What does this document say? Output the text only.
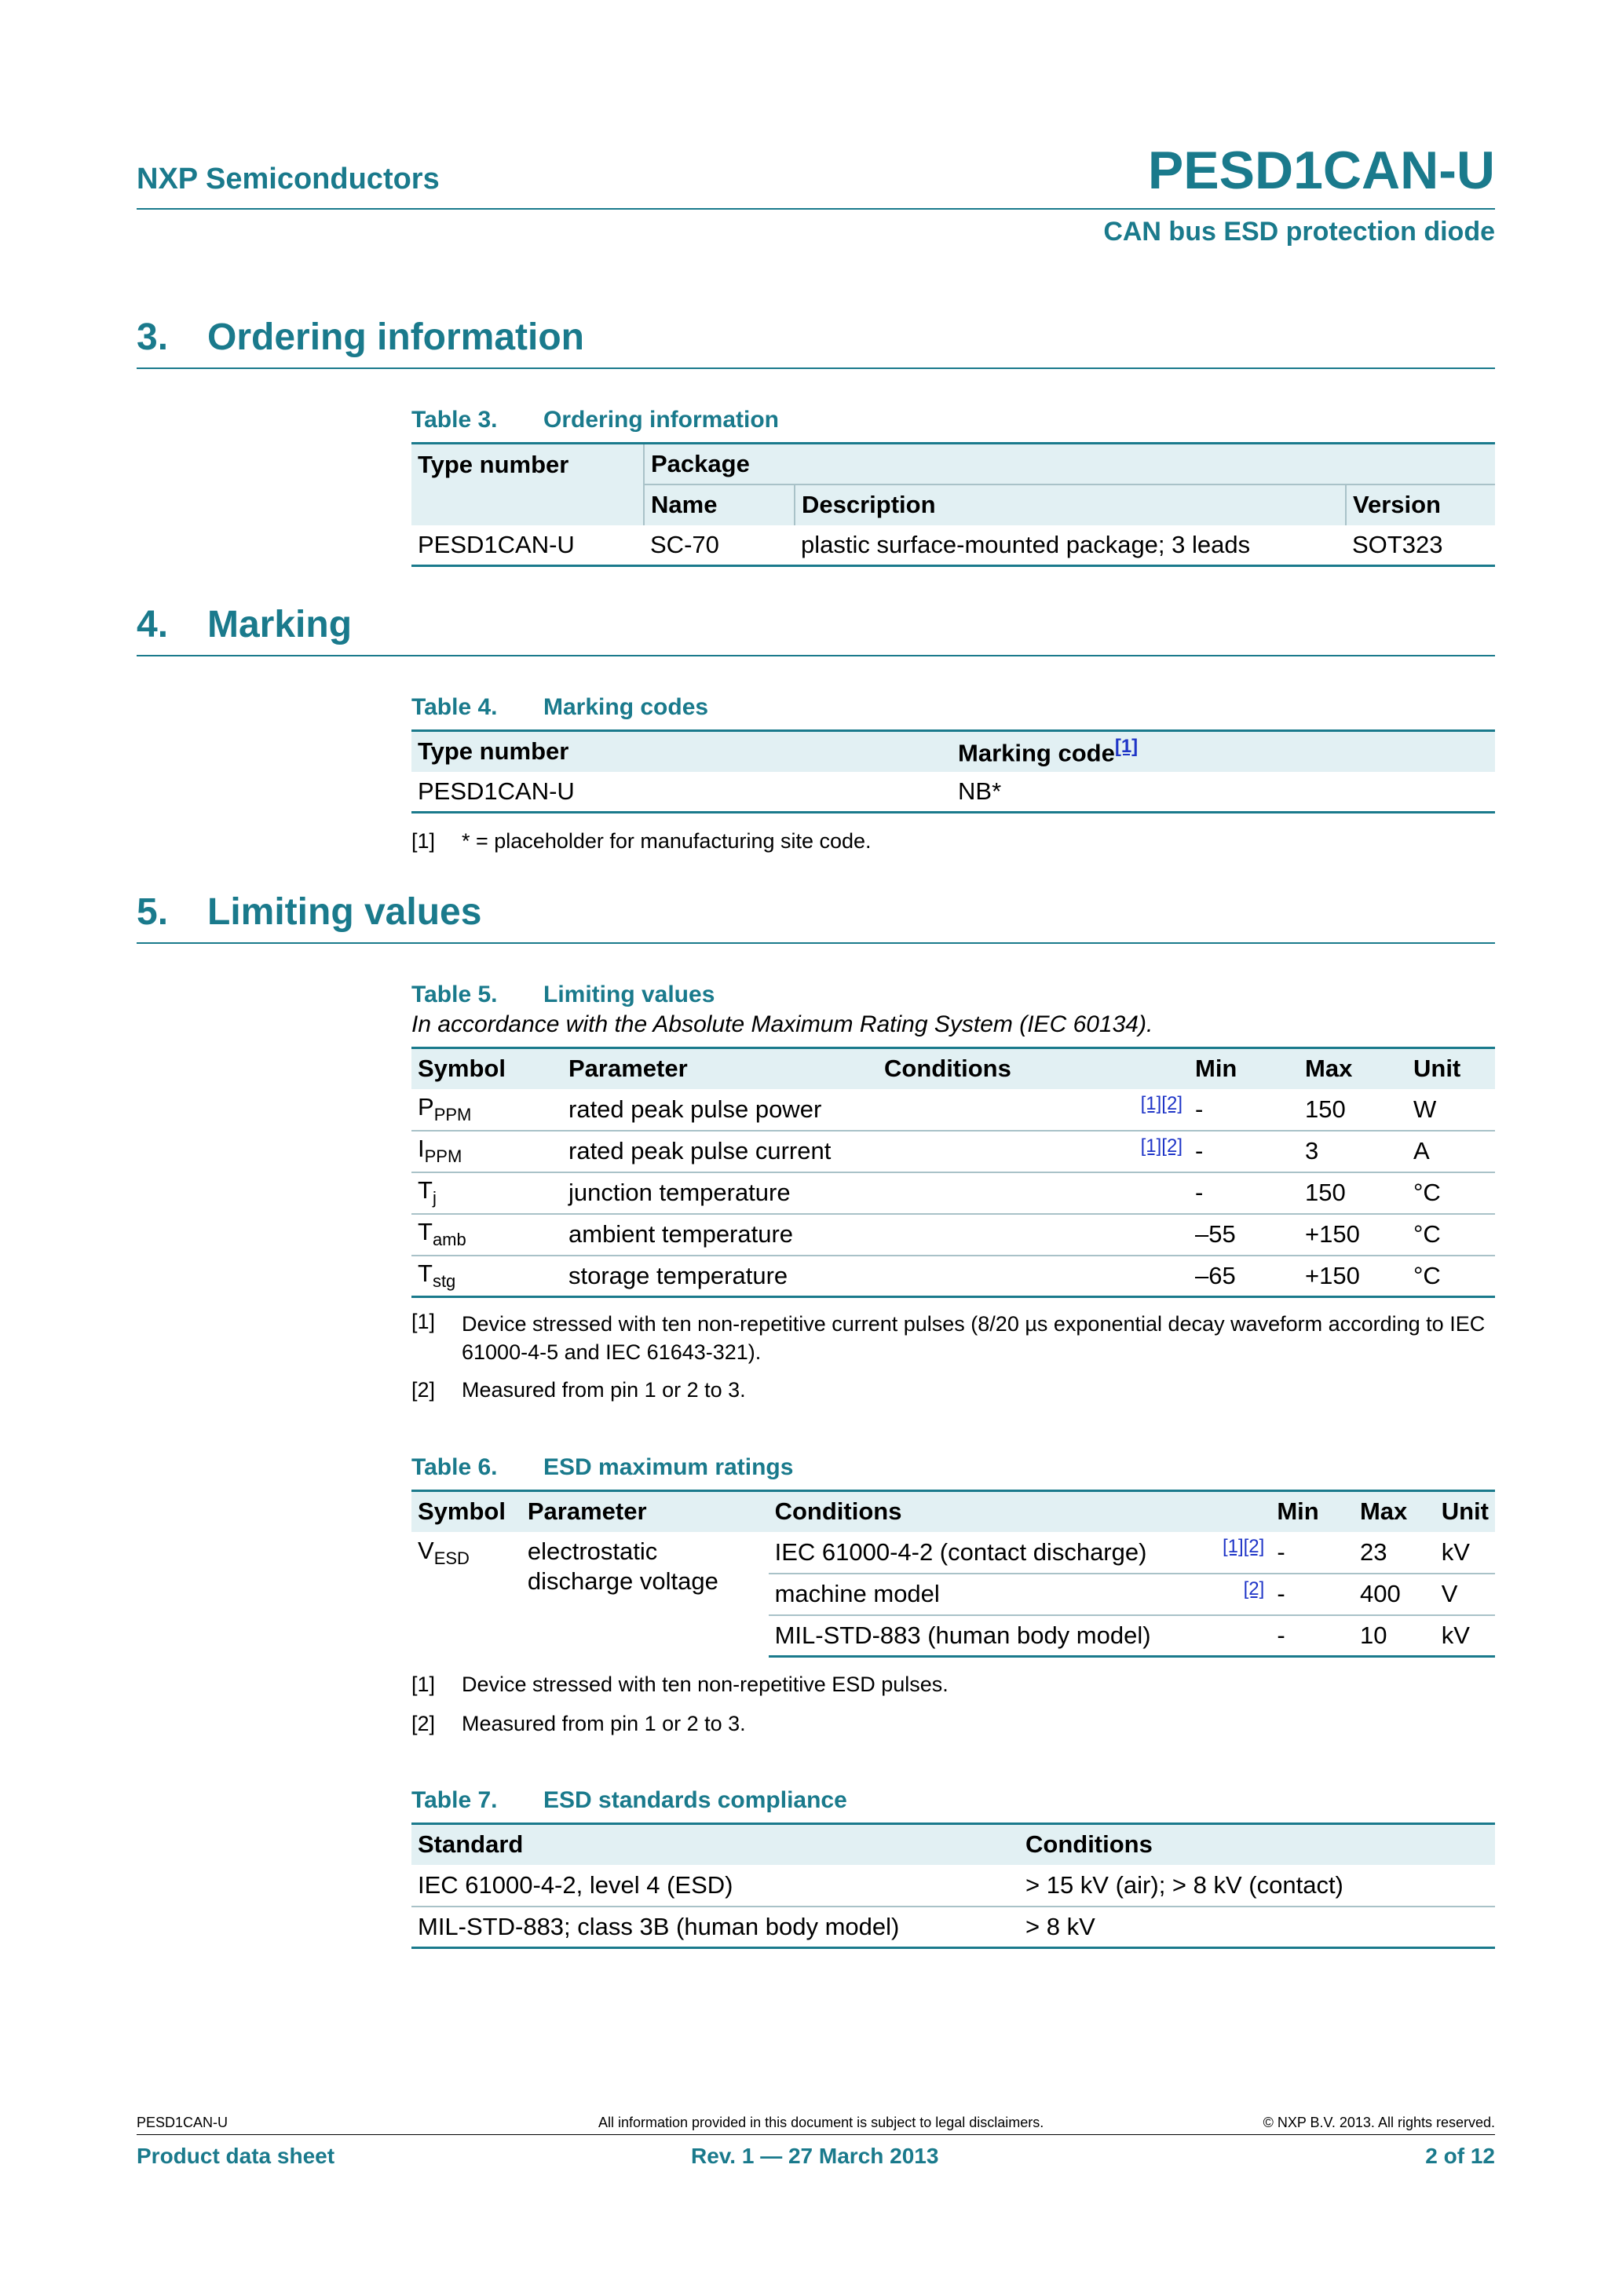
NXP Semiconductors	PESD1CAN-U
CAN bus ESD protection diode
3. Ordering information
Table 3. Ordering information
Type number	Package		
	Name	Description	Version
PESD1CAN-U	SC-70	plastic surface-mounted package; 3 leads	SOT323
4. Marking
Table 4. Marking codes
Type number	Marking code[1]
PESD1CAN-U	NB*
[1] * = placeholder for manufacturing site code.
5. Limiting values
Table 5. Limiting values
In accordance with the Absolute Maximum Rating System (IEC 60134).
Symbol	Parameter	Conditions		Min	Max	Unit
$P_{PPM}$	rated peak pulse power		[1][2]	-	150	W
$I_{PPM}$	rated peak pulse current		[1][2]	-	3	A
$T_j$	junction temperature			-	150	°C
$T_{amb}$	ambient temperature			–55	+150	°C
$T_{stg}$	storage temperature			–65	+150	°C
[1] Device stressed with ten non-repetitive current pulses (8/20 µs exponential decay waveform according to IEC 61000-4-5 and IEC 61643-321).
[2] Measured from pin 1 or 2 to 3.
Table 6. ESD maximum ratings
Symbol	Parameter	Conditions		Min	Max	Unit
$V_{ESD}$	electrostatic discharge voltage	IEC 61000-4-2 (contact discharge)	[1][2]	-	23	kV
		machine model	[2]	-	400	V
		MIL-STD-883 (human body model)		-	10	kV
[1] Device stressed with ten non-repetitive ESD pulses.
[2] Measured from pin 1 or 2 to 3.
Table 7. ESD standards compliance
Standard	Conditions
IEC 61000-4-2, level 4 (ESD)	> 15 kV (air); > 8 kV (contact)
MIL-STD-883; class 3B (human body model)	> 8 kV
PESD1CAN-U	All information provided in this document is subject to legal disclaimers.	© NXP B.V. 2013. All rights reserved.
Product data sheet	Rev. 1 — 27 March 2013	2 of 12
